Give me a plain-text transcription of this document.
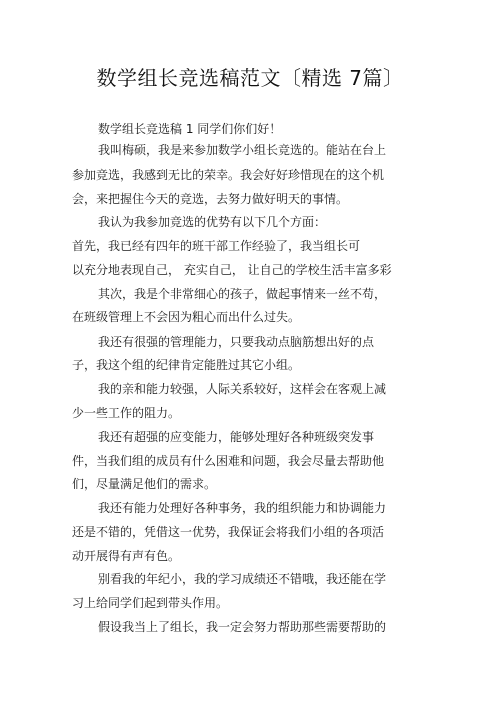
数学组长竞选稿范文〔精选 7篇〕
数学组长竞选稿 1 同学们你们好！
我叫梅硕，我是来参加数学小组长竞选的。能站在台上
参加竞选，我感到无比的荣幸。我会好好珍惜现在的这个机
会，来把握住今天的竞选，去努力做好明天的事情。
我认为我参加竞选的优势有以下几个方面：
首先，我已经有四年的班干部工作经验了，我当组长可
以充分地表现自己， 充实自己， 让自己的学校生活丰富多彩
其次，我是个非常细心的孩子，做起事情来一丝不苟，
在班级管理上不会因为粗心而出什么过失。
我还有很强的管理能力，只要我动点脑筋想出好的点
子，我这个组的纪律肯定能胜过其它小组。
我的亲和能力较强，人际关系较好，这样会在客观上减
少一些工作的阻力。
我还有超强的应变能力，能够处理好各种班级突发事
件，当我们组的成员有什么困难和问题，我会尽量去帮助他
们，尽量满足他们的需求。
我还有能力处理好各种事务，我的组织能力和协调能力
还是不错的，凭借这一优势，我保证会将我们小组的各项活
动开展得有声有色。
别看我的年纪小，我的学习成绩还不错哦，我还能在学
习上给同学们起到带头作用。
假设我当上了组长，我一定会努力帮助那些需要帮助的
